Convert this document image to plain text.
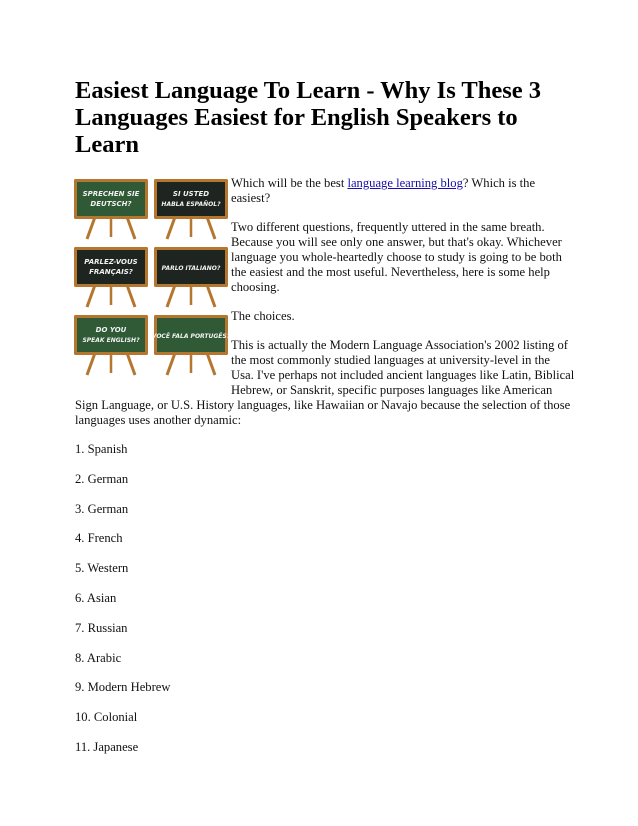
Easiest Language To Learn - Why Is These 3 Languages Easiest for English Speakers to Learn
SPRECHEN SIE
DEUTSCH?
SI USTED
HABLA ESPAÑOL?
PARLEZ-VOUS
FRANÇAIS?	PARLO ITALIANO?
DO YOU
SPEAK ENGLISH?
VOCÊ FALA PORTUGÊS?

Which will be the best language learning blog? Which is the easiest?

Two different questions, frequently uttered in the same breath. Because you will see only one answer, but that's okay. Whichever language you whole-heartedly choose to study is going to be both the easiest and the most useful. Nevertheless, here is some help choosing.

The choices.

This is actually the Modern Language Association's 2002 listing of the most commonly studied languages at university-level in the Usa. I've perhaps not included ancient languages like Latin, Biblical Hebrew, or Sanskrit, specific purposes languages like American Sign Language, or U.S. History languages, like Hawaiian or Navajo because the selection of those languages uses another dynamic:

1. Spanish

2. German

3. German

4. French

5. Western

6. Asian

7. Russian

8. Arabic

9. Modern Hebrew

10. Colonial

11. Japanese
